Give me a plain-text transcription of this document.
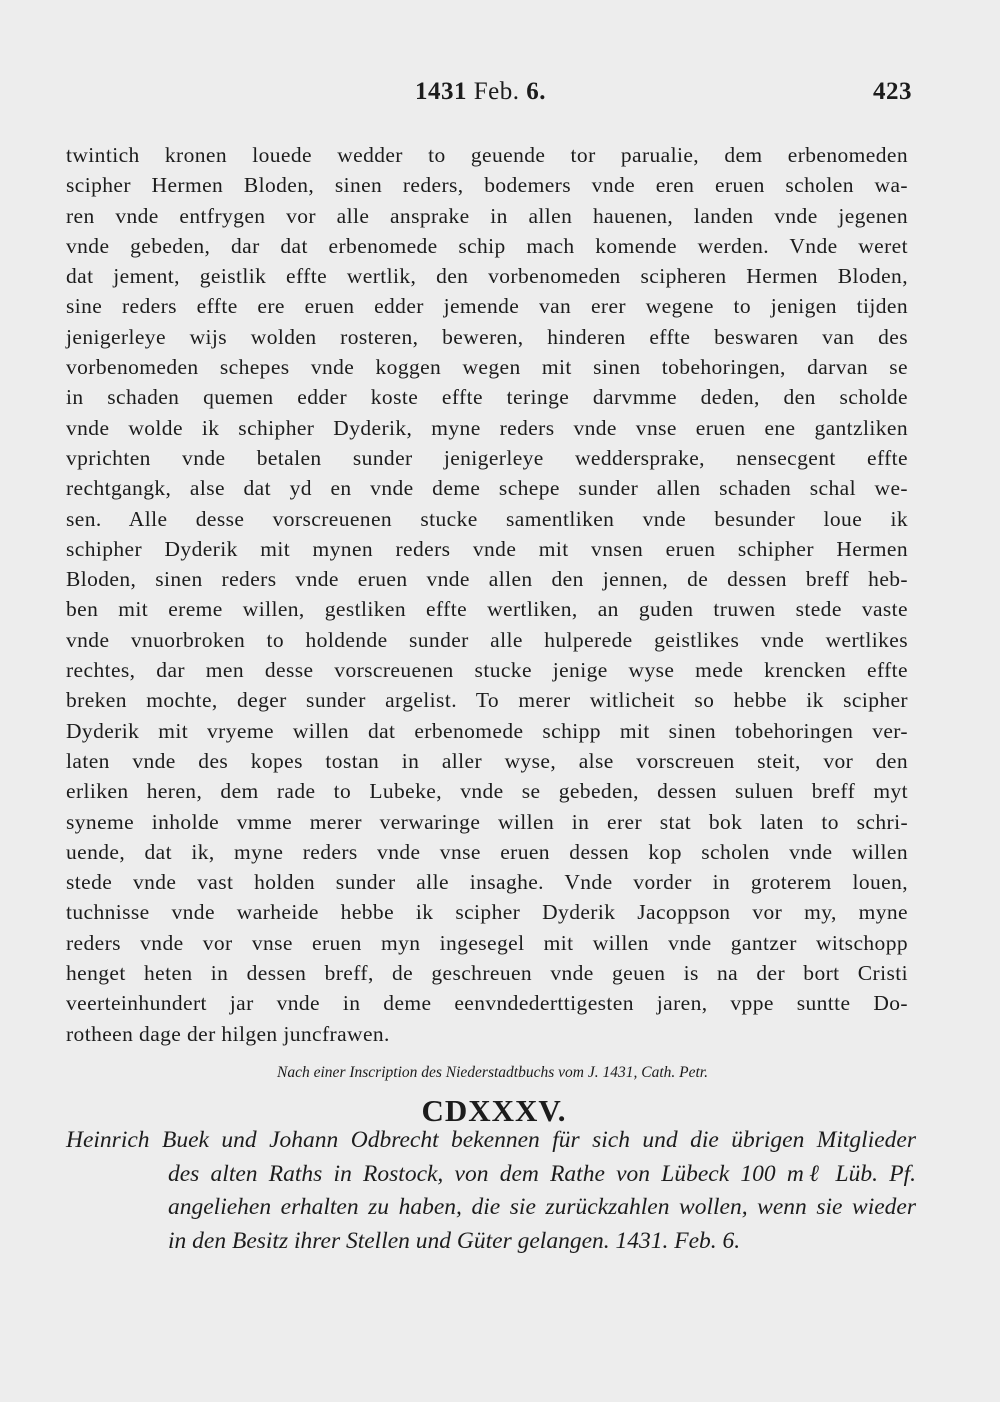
1431 Feb. 6.	423
twintich kronen louede wedder to geuende tor parualie, dem erbenomeden
scipher Hermen Bloden, sinen reders, bodemers vnde eren eruen scholen wa-
ren vnde entfrygen vor alle ansprake in allen hauenen, landen vnde jegenen
vnde gebeden, dar dat erbenomede schip mach komende werden. Vnde weret
dat jement, geistlik effte wertlik, den vorbenomeden scipheren Hermen Bloden,
sine reders effte ere eruen edder jemende van erer wegene to jenigen tijden
jenigerleye wijs wolden rosteren, beweren, hinderen effte beswaren van des
vorbenomeden schepes vnde koggen wegen mit sinen tobehoringen, darvan se
in schaden quemen edder koste effte teringe darvmme deden, den scholde
vnde wolde ik schipher Dyderik, myne reders vnde vnse eruen ene gantzliken
vprichten vnde betalen sunder jenigerleye weddersprake, nensecgent effte
rechtgangk, alse dat yd en vnde deme schepe sunder allen schaden schal we-
sen. Alle desse vorscreuenen stucke samentliken vnde besunder loue ik
schipher Dyderik mit mynen reders vnde mit vnsen eruen schipher Hermen
Bloden, sinen reders vnde eruen vnde allen den jennen, de dessen breff heb-
ben mit ereme willen, gestliken effte wertliken, an guden truwen stede vaste
vnde vnuorbroken to holdende sunder alle hulperede geistlikes vnde wertlikes
rechtes, dar men desse vorscreuenen stucke jenige wyse mede krencken effte
breken mochte, deger sunder argelist. To merer witlicheit so hebbe ik scipher
Dyderik mit vryeme willen dat erbenomede schipp mit sinen tobehoringen ver-
laten vnde des kopes tostan in aller wyse, alse vorscreuen steit, vor den
erliken heren, dem rade to Lubeke, vnde se gebeden, dessen suluen breff myt
syneme inholde vmme merer verwaringe willen in erer stat bok laten to schri-
uende, dat ik, myne reders vnde vnse eruen dessen kop scholen vnde willen
stede vnde vast holden sunder alle insaghe. Vnde vorder in groterem louen,
tuchnisse vnde warheide hebbe ik scipher Dyderik Jacoppson vor my, myne
reders vnde vor vnse eruen myn ingesegel mit willen vnde gantzer witschopp
henget heten in dessen breff, de geschreuen vnde geuen is na der bort Cristi
veerteinhundert jar vnde in deme eenvndederttigesten jaren, vppe suntte Do-
rotheen dage der hilgen juncfrawen.
Nach einer Inscription des Niederstadtbuchs vom J. 1431, Cath. Petr.
CDXXXV.
Heinrich Buek und Johann Odbrecht bekennen für sich und die übrigen Mitglieder
des alten Raths in Rostock, von dem Rathe von Lübeck 100 mℓ Lüb. Pf.
angeliehen erhalten zu haben, die sie zurückzahlen wollen, wenn sie wieder
in den Besitz ihrer Stellen und Güter gelangen. 1431. Feb. 6.
